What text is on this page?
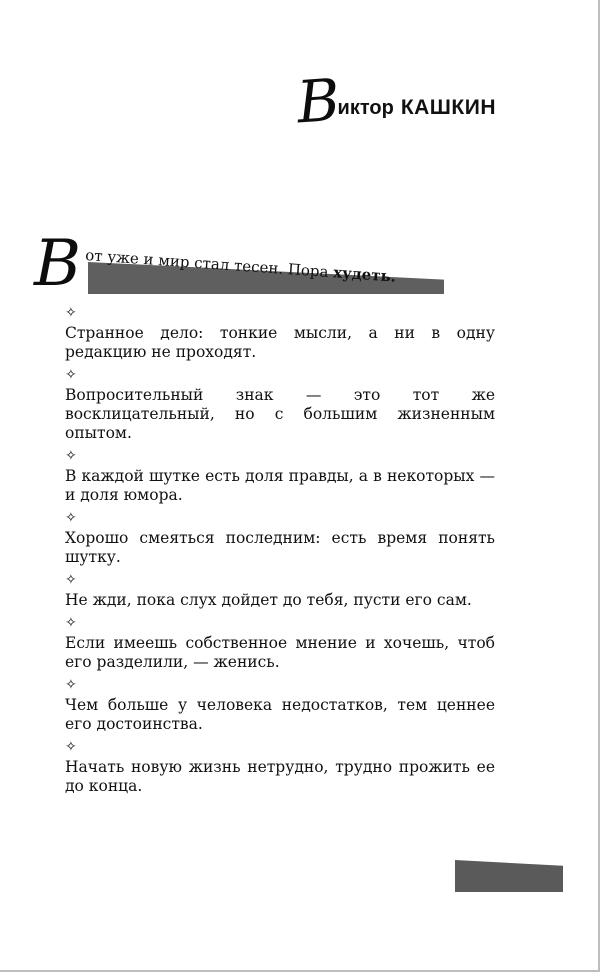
В
иктор КАШКИН
В от уже и мир стал тесен. Пора худеть.
✧

Странное дело: тонкие мысли, а ни в одну редакцию не проходят.

✧

Вопросительный знак — это тот же восклицательный, но с большим жизненным опытом.

✧

В каждой шутке есть доля правды, а в некоторых — и доля юмора.

✧

Хорошо смеяться последним: есть время понять шутку.

✧

Не жди, пока слух дойдет до тебя, пусти его сам.

✧

Если имеешь собственное мнение и хочешь, чтоб его разделили, — женись.

✧

Чем больше у человека недостатков, тем ценнее его достоинства.

✧

Начать новую жизнь нетрудно, трудно прожить ее до конца.
